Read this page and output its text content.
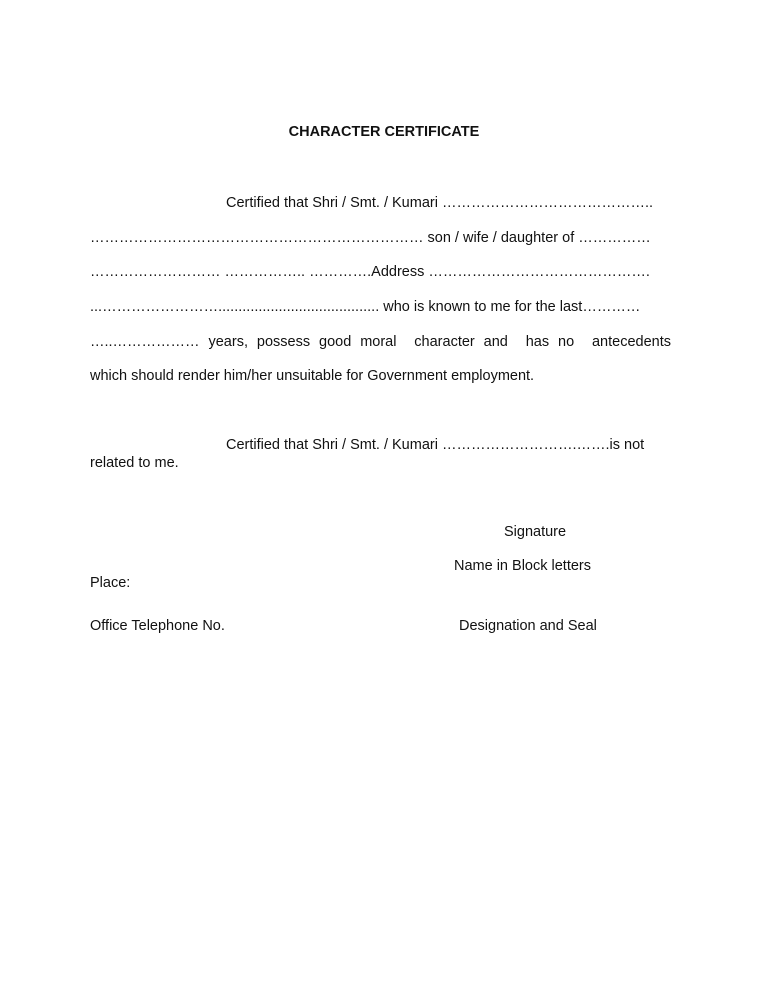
CHARACTER CERTIFICATE
Certified that Shri / Smt. / Kumari ……………………………………..
…………………………………………………………… son / wife / daughter of ……………
……………………… …………….. ………….Address ……………………………………….
...……………………........................................ who is known to me for the last…………
…..……………… years, possess good moral  character and  has no  antecedents
which should render him/her unsuitable for Government employment.
Certified that Shri / Smt. / Kumari ……………………….…….is not
related to me.
Signature
Name in Block letters
Designation and Seal
Place:
Office Telephone No.
